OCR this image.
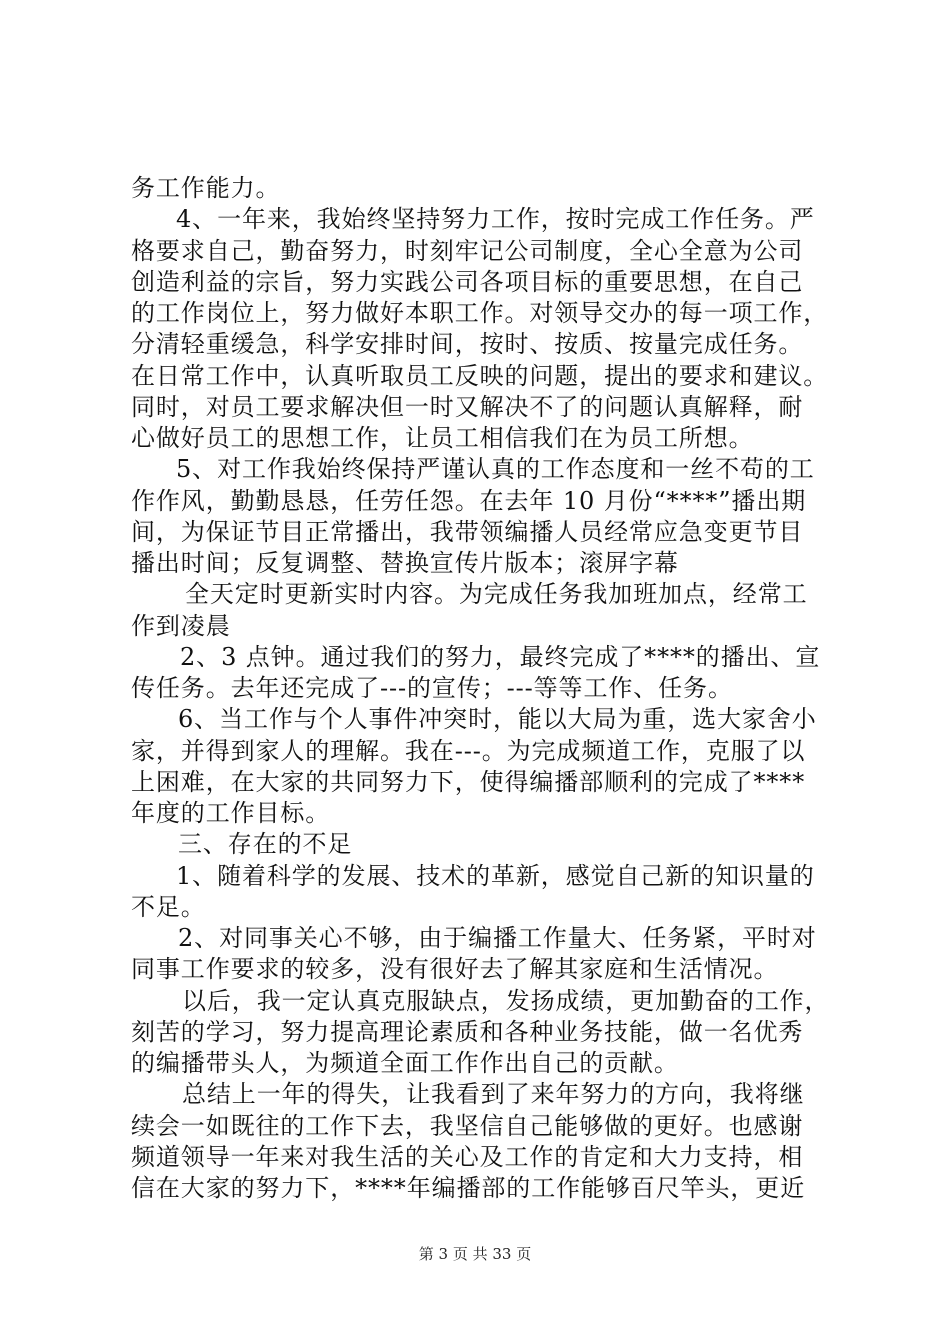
务工作能力。
4、一年来，我始终坚持努力工作，按时完成工作任务。严
格要求自己，勤奋努力，时刻牢记公司制度，全心全意为公司
创造利益的宗旨，努力实践公司各项目标的重要思想，在自己
的工作岗位上，努力做好本职工作。对领导交办的每一项工作，
分清轻重缓急，科学安排时间，按时、按质、按量完成任务。
在日常工作中，认真听取员工反映的问题，提出的要求和建议。
同时，对员工要求解决但一时又解决不了的问题认真解释，耐
心做好员工的思想工作，让员工相信我们在为员工所想。
5、对工作我始终保持严谨认真的工作态度和一丝不苟的工
作作风，勤勤恳恳，任劳任怨。在去年 10 月份“****”播出期
间，为保证节目正常播出，我带领编播人员经常应急变更节目
播出时间；反复调整、替换宣传片版本；滚屏字幕
全天定时更新实时内容。为完成任务我加班加点，经常工
作到凌晨
2、3 点钟。通过我们的努力，最终完成了****的播出、宣
传任务。去年还完成了---的宣传；---等等工作、任务。
6、当工作与个人事件冲突时，能以大局为重，选大家舍小
家，并得到家人的理解。我在---。为完成频道工作，克服了以
上困难，在大家的共同努力下，使得编播部顺利的完成了****
年度的工作目标。
三、存在的不足
1、随着科学的发展、技术的革新，感觉自己新的知识量的
不足。
2、对同事关心不够，由于编播工作量大、任务紧，平时对
同事工作要求的较多，没有很好去了解其家庭和生活情况。
以后，我一定认真克服缺点，发扬成绩，更加勤奋的工作，
刻苦的学习，努力提高理论素质和各种业务技能，做一名优秀
的编播带头人，为频道全面工作作出自己的贡献。
总结上一年的得失，让我看到了来年努力的方向，我将继
续会一如既往的工作下去，我坚信自己能够做的更好。也感谢
第 3 页 共 33 页
频道领导一年来对我生活的关心及工作的肯定和大力支持，相
信在大家的努力下，****年编播部的工作能够百尺竿头，更近
